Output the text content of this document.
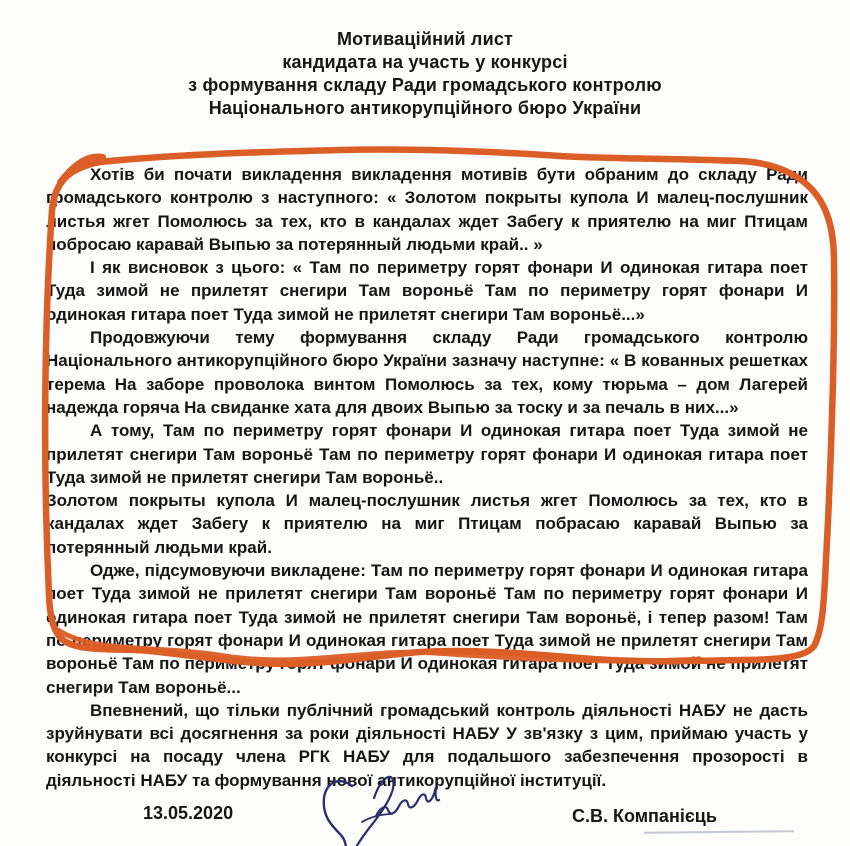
Мотиваційний лист
кандидата на участь у конкурсі
з формування складу Ради громадського контролю
Національного антикорупційного бюро України

Хотів би почати викладення викладення мотивів бути обраним до складу Ради громадського контролю з наступного: « Золотом покрыты купола И малец-послушник листья жгет Помолюсь за тех, кто в кандалах ждет Забегу к приятелю на миг Птицам побросаю каравай Выпью за потерянный людьми край.. »

І як висновок з цього: « Там по периметру горят фонари И одинокая гитара поет Туда зимой не прилетят снегири Там вороньё Там по периметру горят фонари И одинокая гитара поет Туда зимой не прилетят снегири Там вороньё...»

Продовжуючи тему формування складу Ради громадського контролю Національного антикорупційного бюро України зазначу наступне: « В кованных решетках терема На заборе проволока винтом Помолюсь за тех, кому тюрьма – дом Лагерей надежда горяча На свиданке хата для двоих Выпью за тоску и за печаль в них...»

А тому, Там по периметру горят фонари И одинокая гитара поет Туда зимой не прилетят снегири Там вороньё Там по периметру горят фонари И одинокая гитара поет Туда зимой не прилетят снегири Там вороньё..

Золотом покрыты купола И малец-послушник листья жгет Помолюсь за тех, кто в кандалах ждет Забегу к приятелю на миг Птицам побрасаю каравай Выпью за потерянный людьми край.

Одже, підсумовуючи викладене: Там по периметру горят фонари И одинокая гитара поет Туда зимой не прилетят снегири Там вороньё Там по периметру горят фонари И одинокая гитара поет Туда зимой не прилетят снегири Там вороньё, і тепер разом! Там по периметру горят фонари И одинокая гитара поет Туда зимой не прилетят снегири Там вороньё Там по периметру горят фонари И одинокая гитара поет Туда зимой не прилетят снегири Там вороньё...

Впевнений, що тільки публічний громадський контроль діяльності НАБУ не дасть зруйнувати всі досягнення за роки діяльності НАБУ У зв'язку з цим, приймаю участь у конкурсі на посаду члена РГК НАБУ для подальшого забезпечення прозорості в діяльності НАБУ та формування нової антикорупційної інституції.

13.05.2020	С.В. Компанієць
